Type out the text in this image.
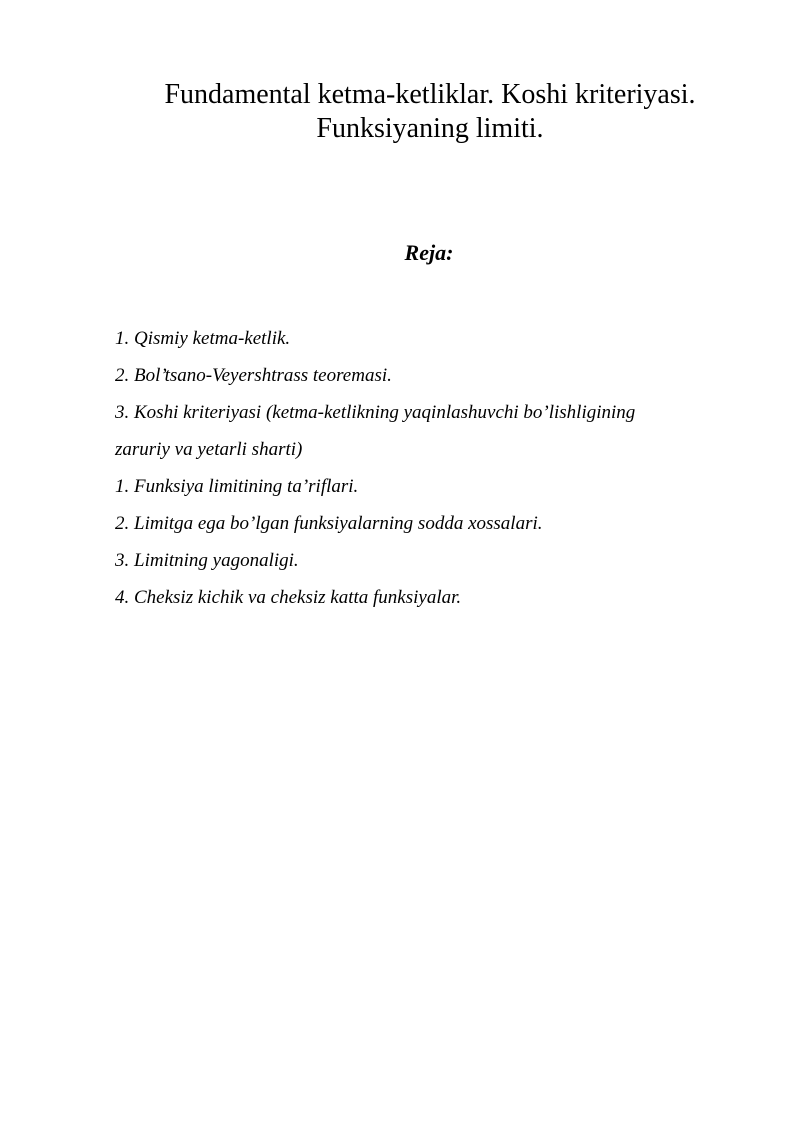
Fundamental ketma-ketliklar. Koshi kriteriyasi.
Funksiyaning limiti.
Reja:
1. Qismiy ketma-ketlik.
2. Bol’tsano-Veyershtrass teoremasi.
3. Koshi kriteriyasi (ketma-ketlikning yaqinlashuvchi bo’lishligining
zaruriy va yetarli sharti)
1. Funksiya limitining ta’riflari.
2. Limitga ega bo’lgan funksiyalarning sodda xossalari.
3. Limitning yagonaligi.
4. Cheksiz kichik va cheksiz katta funksiyalar.
